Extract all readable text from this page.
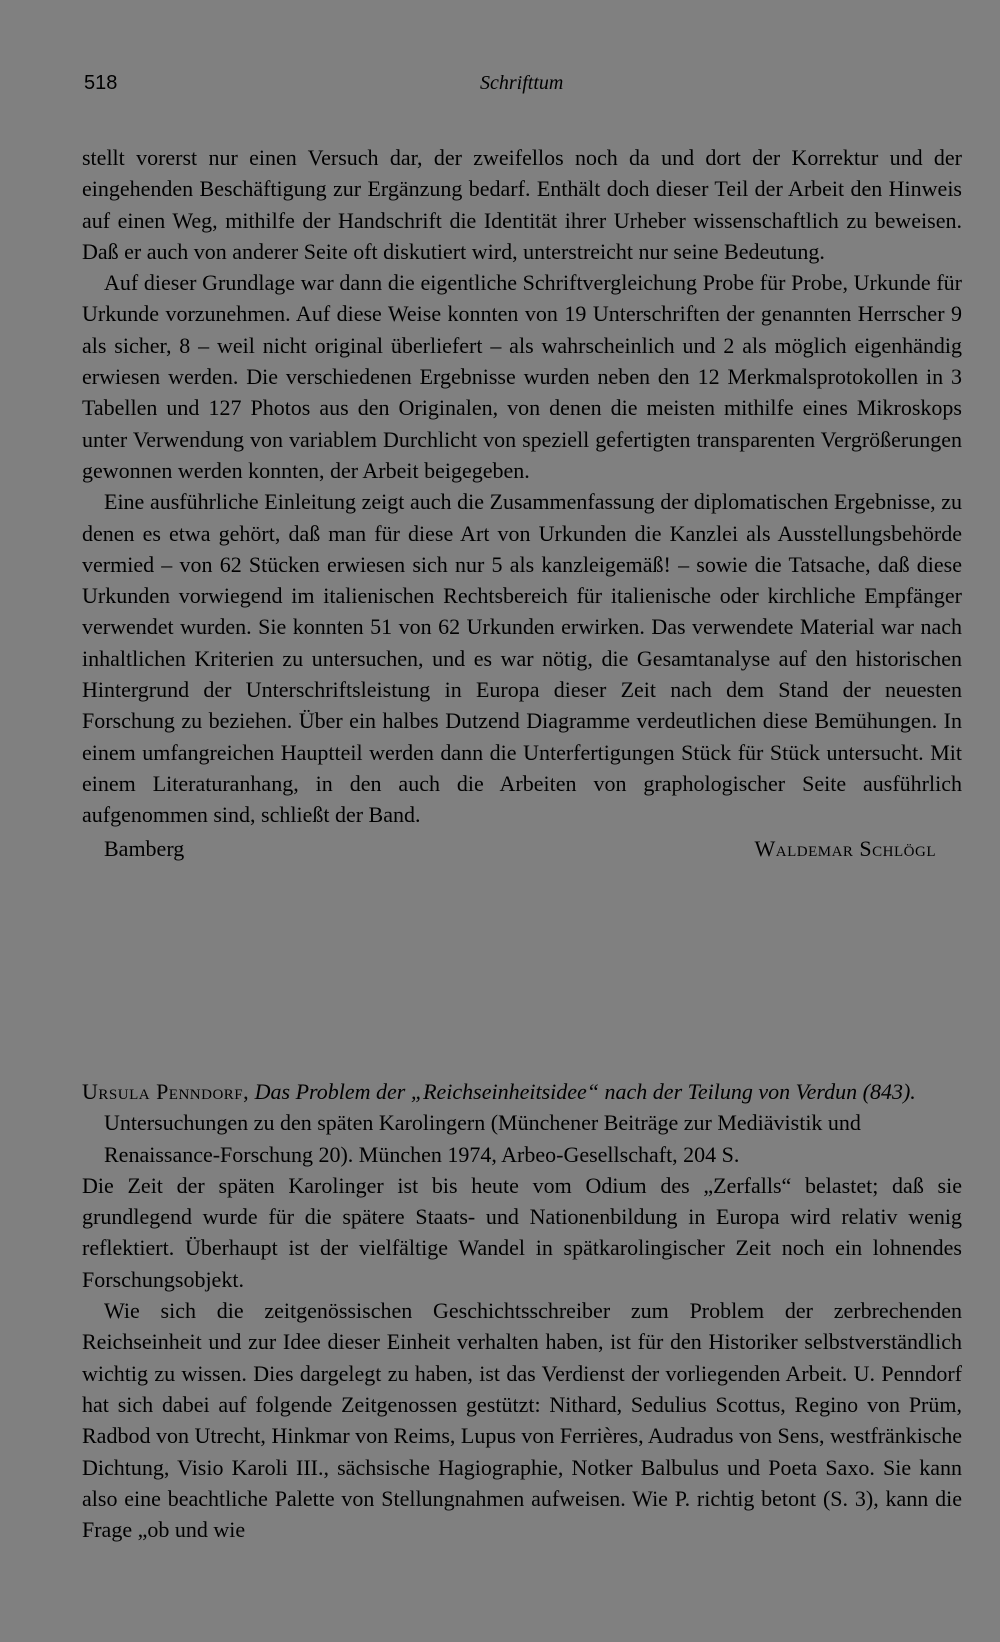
518	Schrifttum

stellt vorerst nur einen Versuch dar, der zweifellos noch da und dort der Korrektur und der eingehenden Beschäftigung zur Ergänzung bedarf. Enthält doch dieser Teil der Arbeit den Hinweis auf einen Weg, mithilfe der Handschrift die Identität ihrer Urheber wissenschaftlich zu beweisen. Daß er auch von anderer Seite oft diskutiert wird, unterstreicht nur seine Bedeutung.

Auf dieser Grundlage war dann die eigentliche Schriftvergleichung Probe für Probe, Urkunde für Urkunde vorzunehmen. Auf diese Weise konnten von 19 Unterschriften der genannten Herrscher 9 als sicher, 8 – weil nicht original überliefert – als wahrscheinlich und 2 als möglich eigenhändig erwiesen werden. Die verschiedenen Ergebnisse wurden neben den 12 Merkmalsprotokollen in 3 Tabellen und 127 Photos aus den Originalen, von denen die meisten mithilfe eines Mikroskops unter Verwendung von variablem Durchlicht von speziell gefertigten transparenten Vergrößerungen gewonnen werden konnten, der Arbeit beigegeben.

Eine ausführliche Einleitung zeigt auch die Zusammenfassung der diplomatischen Ergebnisse, zu denen es etwa gehört, daß man für diese Art von Urkunden die Kanzlei als Ausstellungsbehörde vermied – von 62 Stücken erwiesen sich nur 5 als kanzleigemäß! – sowie die Tatsache, daß diese Urkunden vorwiegend im italienischen Rechtsbereich für italienische oder kirchliche Empfänger verwendet wurden. Sie konnten 51 von 62 Urkunden erwirken. Das verwendete Material war nach inhaltlichen Kriterien zu untersuchen, und es war nötig, die Gesamtanalyse auf den historischen Hintergrund der Unterschriftsleistung in Europa dieser Zeit nach dem Stand der neuesten Forschung zu beziehen. Über ein halbes Dutzend Diagramme verdeutlichen diese Bemühungen. In einem umfangreichen Hauptteil werden dann die Unterfertigungen Stück für Stück untersucht. Mit einem Literaturanhang, in den auch die Arbeiten von graphologischer Seite ausführlich aufgenommen sind, schließt der Band.

Bamberg	Waldemar Schlögl

Ursula Penndorf, Das Problem der „Reichseinheitsidee“ nach der Teilung von Verdun (843). Untersuchungen zu den späten Karolingern (Münchener Beiträge zur Mediävistik und Renaissance-Forschung 20). München 1974, Arbeo-Gesellschaft, 204 S.

Die Zeit der späten Karolinger ist bis heute vom Odium des „Zerfalls“ belastet; daß sie grundlegend wurde für die spätere Staats- und Nationenbildung in Europa wird relativ wenig reflektiert. Überhaupt ist der vielfältige Wandel in spätkarolingischer Zeit noch ein lohnendes Forschungsobjekt.

Wie sich die zeitgenössischen Geschichtsschreiber zum Problem der zerbrechenden Reichseinheit und zur Idee dieser Einheit verhalten haben, ist für den Historiker selbstverständlich wichtig zu wissen. Dies dargelegt zu haben, ist das Verdienst der vorliegenden Arbeit. U. Penndorf hat sich dabei auf folgende Zeitgenossen gestützt: Nithard, Sedulius Scottus, Regino von Prüm, Radbod von Utrecht, Hinkmar von Reims, Lupus von Ferrières, Audradus von Sens, westfränkische Dichtung, Visio Karoli III., sächsische Hagiographie, Notker Balbulus und Poeta Saxo. Sie kann also eine beachtliche Palette von Stellungnahmen aufweisen. Wie P. richtig betont (S. 3), kann die Frage „ob und wie
